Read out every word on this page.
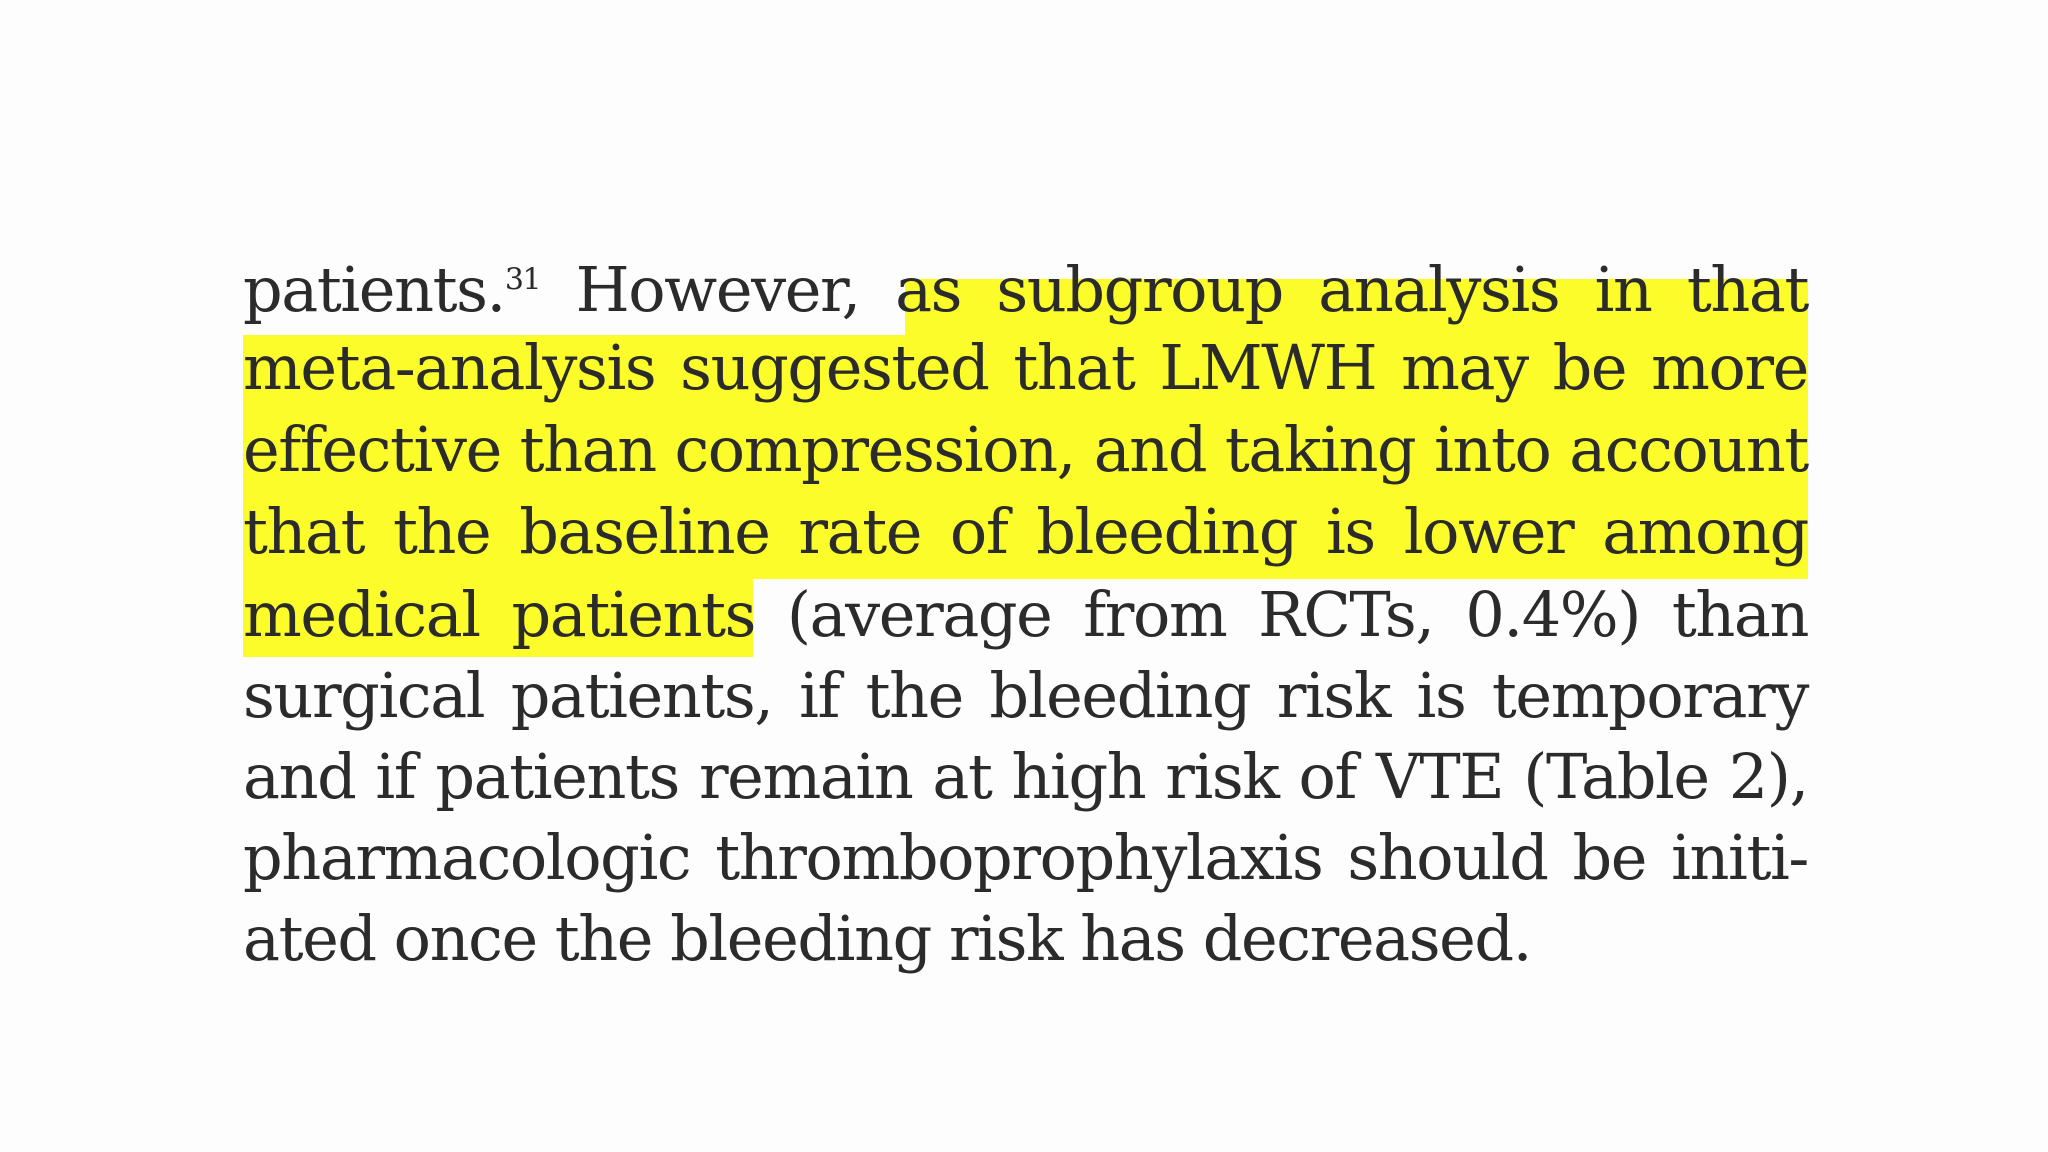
patients.$^{31}$ However, as subgroup analysis in that
meta-analysis suggested that LMWH may be more
effective than compression, and taking into account
that the baseline rate of bleeding is lower among
medical patients (average from RCTs, 0.4%) than
surgical patients, if the bleeding risk is temporary
and if patients remain at high risk of VTE (Table 2),
pharmacologic thromboprophylaxis should be initi-
ated once the bleeding risk has decreased.
